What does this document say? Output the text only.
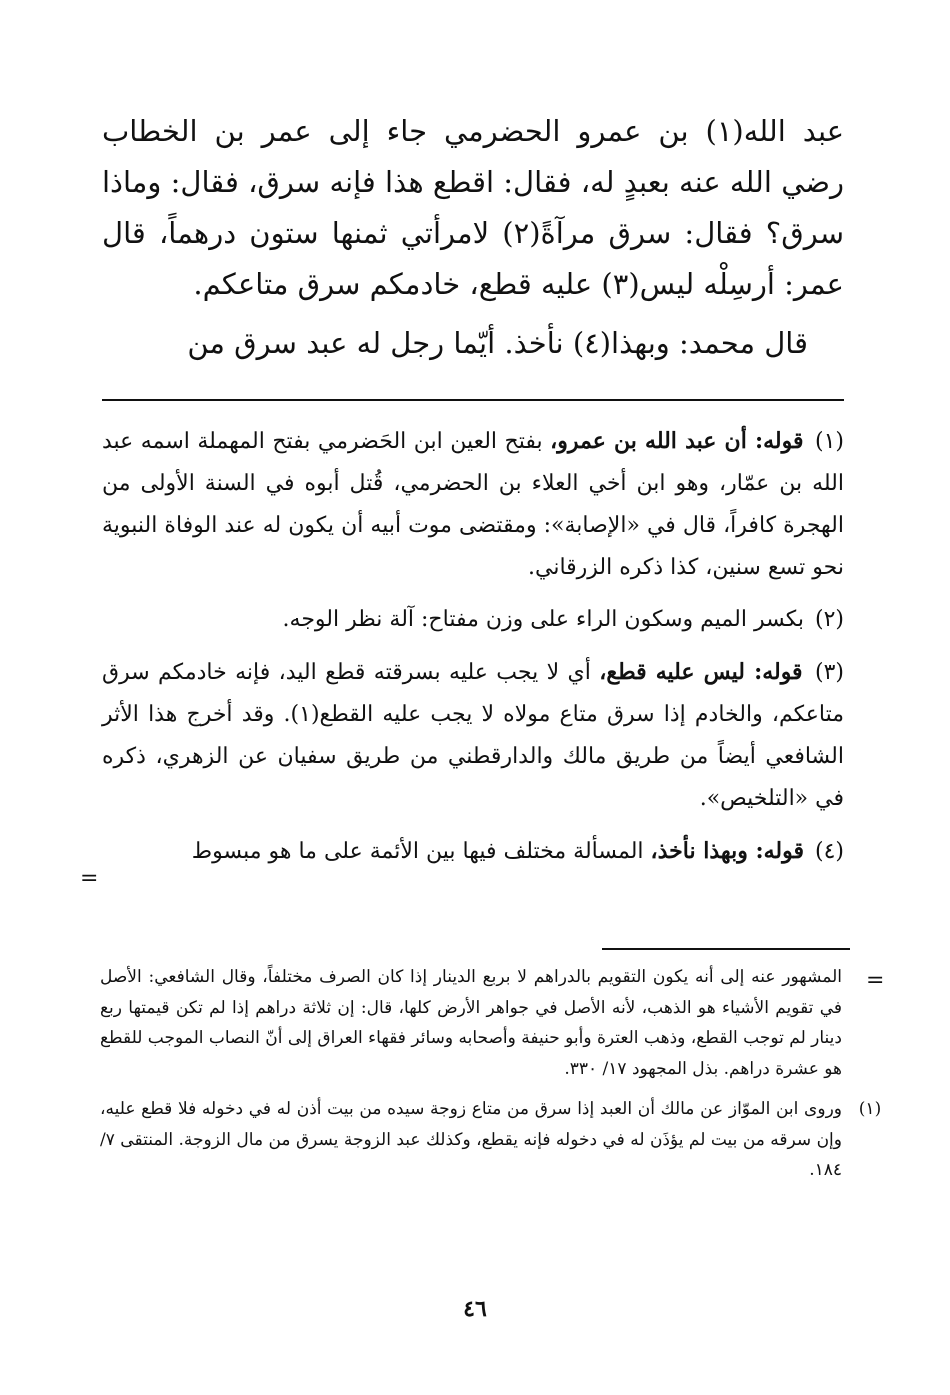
عبد الله(١) بن عمرو الحضرمي جاء إلى عمر بن الخطاب رضي الله عنه بعبدٍ له، فقال: اقطع هذا فإنه سرق، فقال: وماذا سرق؟ فقال: سرق مرآةً(٢) لامرأتي ثمنها ستون درهماً، قال عمر: أرسِلْه ليس(٣) عليه قطع، خادمكم سرق متاعكم.

قال محمد: وبهذا(٤) نأخذ. أيّما رجل له عبد سرق من

(١) قوله: أن عبد الله بن عمرو، بفتح العين ابن الحَضرمي بفتح المهملة اسمه عبد الله بن عمّار، وهو ابن أخي العلاء بن الحضرمي، قُتل أبوه في السنة الأولى من الهجرة كافراً، قال في «الإصابة»: ومقتضى موت أبيه أن يكون له عند الوفاة النبوية نحو تسع سنين، كذا ذكره الزرقاني.

(٢) بكسر الميم وسكون الراء على وزن مفتاح: آلة نظر الوجه.

(٣) قوله: ليس عليه قطع، أي لا يجب عليه بسرقته قطع اليد، فإنه خادمكم سرق متاعكم، والخادم إذا سرق متاع مولاه لا يجب عليه القطع(١). وقد أخرج هذا الأثر الشافعي أيضاً من طريق مالك والدارقطني من طريق سفيان عن الزهري، ذكره في «التلخيص».

(٤) قوله: وبهذا نأخذ، المسألة مختلف فيها بين الأئمة على ما هو مبسوط

=
=

المشهور عنه إلى أنه يكون التقويم بالدراهم لا بربع الدينار إذا كان الصرف مختلفاً، وقال الشافعي: الأصل في تقويم الأشياء هو الذهب، لأنه الأصل في جواهر الأرض كلها، قال: إن ثلاثة دراهم إذا لم تكن قيمتها ربع دينار لم توجب القطع، وذهب العترة وأبو حنيفة وأصحابه وسائر فقهاء العراق إلى أنّ النصاب الموجب للقطع هو عشرة دراهم. بذل المجهود ١٧/ ٣٣٠.

(١)
وروى ابن الموّاز عن مالك أن العبد إذا سرق من متاع زوجة سيده من بيت أذن له في دخوله فلا قطع عليه، وإن سرقه من بيت لم يؤذَن له في دخوله فإنه يقطع، وكذلك عبد الزوجة يسرق من مال الزوجة. المنتقى ٧/ ١٨٤.

٤٦
